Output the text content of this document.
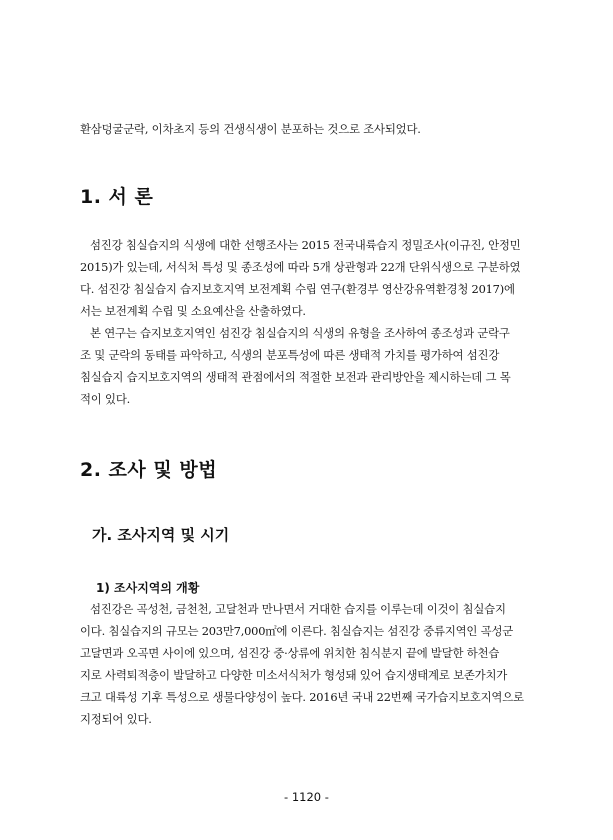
환삼덩굴군락, 이차초지 등의 건생식생이 분포하는 것으로 조사되었다.
1. 서 론
섬진강 침실습지의 식생에 대한 선행조사는 2015 전국내륙습지 정밀조사(이규진, 안정민
2015)가 있는데, 서식처 특성 및 종조성에 따라 5개 상관형과 22개 단위식생으로 구분하였
다. 섬진강 침실습지 습지보호지역 보전계획 수립 연구(환경부 영산강유역환경청 2017)에
서는 보전계획 수립 및 소요예산을 산출하였다.
본 연구는 습지보호지역인 섬진강 침실습지의 식생의 유형을 조사하여 종조성과 군락구
조 및 군락의 동태를 파악하고, 식생의 분포특성에 따른 생태적 가치를 평가하여 섬진강
침실습지 습지보호지역의 생태적 관점에서의 적절한 보전과 관리방안을 제시하는데 그 목
적이 있다.
2. 조사 및 방법
가. 조사지역 및 시기
1) 조사지역의 개황
섬진강은 곡성천, 금천천, 고달천과 만나면서 거대한 습지를 이루는데 이것이 침실습지
이다. 침실습지의 규모는 203만7,000㎡에 이른다. 침실습지는 섬진강 중류지역인 곡성군
고달면과 오곡면 사이에 있으며, 섬진강 중·상류에 위치한 침식분지 끝에 발달한 하천습
지로 사력퇴적층이 발달하고 다양한 미소서식처가 형성돼 있어 습지생태계로 보존가치가
크고 대륙성 기후 특성으로 생물다양성이 높다. 2016년 국내 22번째 국가습지보호지역으로
지정되어 있다.
- 1120 -
